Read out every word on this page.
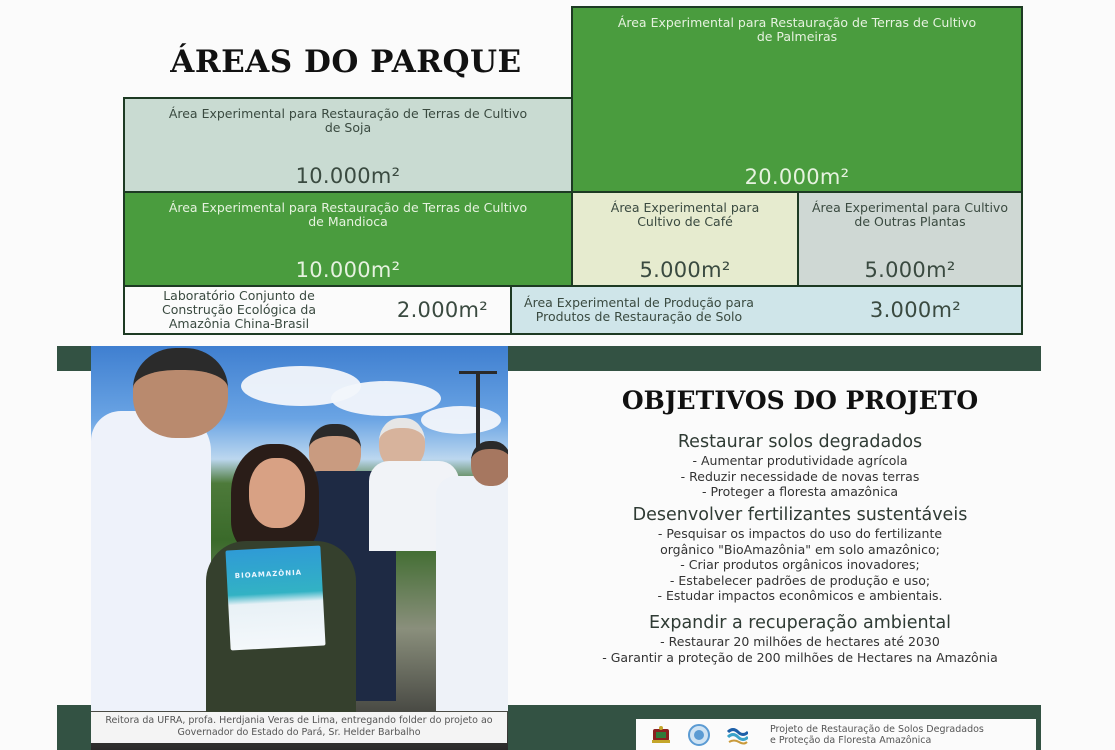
ÁREAS DO PARQUE
Área Experimental para Restauração de Terras de Cultivo de Soja
10.000m²
Área Experimental para Restauração de Terras de Cultivo de Palmeiras
20.000m²
Área Experimental para Restauração de Terras de Cultivo de Mandioca
10.000m²
Área Experimental para Cultivo de Café
5.000m²
Área Experimental para Cultivo de Outras Plantas
5.000m²
Laboratório Conjunto de Construção Ecológica da Amazônia China-Brasil
2.000m²	Área Experimental de Produção para Produtos de Restauração de Solo	3.000m²
BIOAMAZÔNIA
Reitora da UFRA, profa. Herdjania Veras de Lima, entregando folder do projeto ao Governador do Estado do Pará, Sr. Helder Barbalho
OBJETIVOS DO PROJETO
Restaurar solos degradados
- Aumentar produtividade agrícola
- Reduzir necessidade de novas terras
- Proteger a floresta amazônica
Desenvolver fertilizantes sustentáveis
- Pesquisar os impactos do uso do fertilizante orgânico "BioAmazônia" em solo amazônico;
- Criar produtos orgânicos inovadores;
- Estabelecer padrões de produção e uso;
- Estudar impactos econômicos e ambientais.
Expandir a recuperação ambiental
- Restaurar 20 milhões de hectares até 2030
- Garantir a proteção de 200 milhões de Hectares na Amazônia
Projeto de Restauração de Solos Degradados
e Proteção da Floresta Amazônica
